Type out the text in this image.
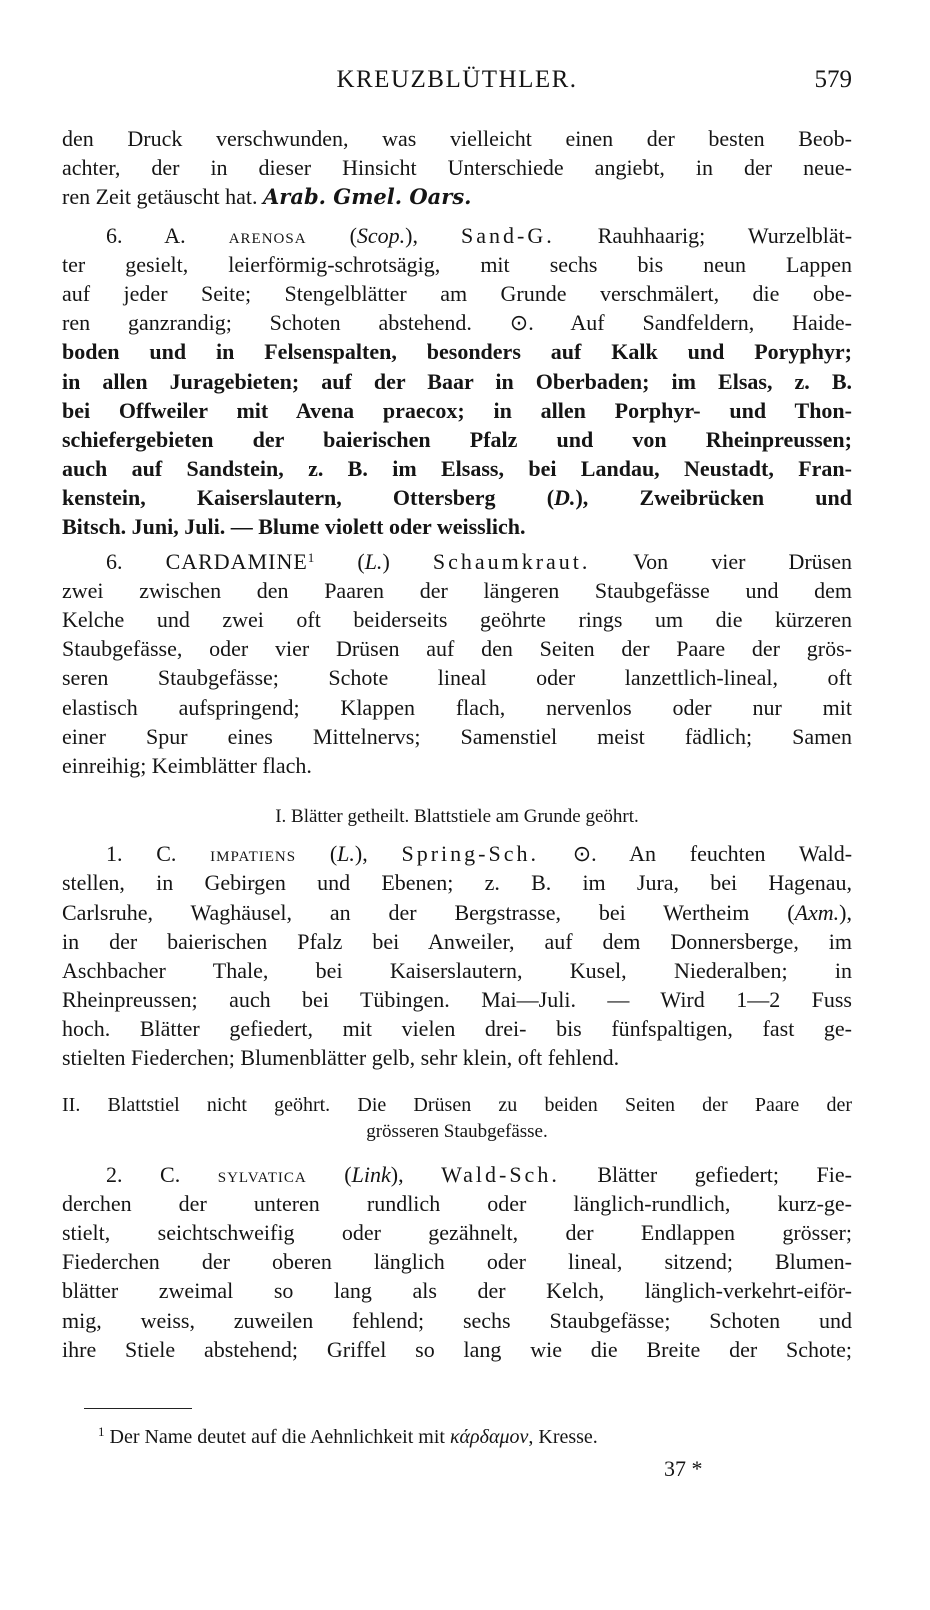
KREUZBLÜTHLER.	579
den Druck verschwunden, was vielleicht einen der besten Beob-
achter, der in dieser Hinsicht Unterschiede angiebt, in der neue-
ren Zeit getäuscht hat. Arab. Gmel. Oars.
6. A. arenosa (Scop.), Sand-G. Rauhhaarig; Wurzelblät-
ter gesielt, leierförmig-schrotsägig, mit sechs bis neun Lappen
auf jeder Seite; Stengelblätter am Grunde verschmälert, die obe-
ren ganzrandig; Schoten abstehend. ⊙. Auf Sandfeldern, Haide-
boden und in Felsenspalten, besonders auf Kalk und Poryphyr;
in allen Juragebieten; auf der Baar in Oberbaden; im Elsas, z. B.
bei Offweiler mit Avena praecox; in allen Porphyr- und Thon-
schiefergebieten der baierischen Pfalz und von Rheinpreussen;
auch auf Sandstein, z. B. im Elsass, bei Landau, Neustadt, Fran-
kenstein, Kaiserslautern, Ottersberg (D.), Zweibrücken und
Bitsch. Juni, Juli. — Blume violett oder weisslich.
6. CARDAMINE$^1$ (L.) Schaumkraut. Von vier Drüsen
zwei zwischen den Paaren der längeren Staubgefässe und dem
Kelche und zwei oft beiderseits geöhrte rings um die kürzeren
Staubgefässe, oder vier Drüsen auf den Seiten der Paare der grös-
seren Staubgefässe; Schote lineal oder lanzettlich-lineal, oft
elastisch aufspringend; Klappen flach, nervenlos oder nur mit
einer Spur eines Mittelnervs; Samenstiel meist fädlich; Samen
einreihig; Keimblätter flach.
I. Blätter getheilt. Blattstiele am Grunde geöhrt.
1. C. impatiens (L.), Spring-Sch. ⊙. An feuchten Wald-
stellen, in Gebirgen und Ebenen; z. B. im Jura, bei Hagenau,
Carlsruhe, Waghäusel, an der Bergstrasse, bei Wertheim (Axm.),
in der baierischen Pfalz bei Anweiler, auf dem Donnersberge, im
Aschbacher Thale, bei Kaiserslautern, Kusel, Niederalben; in
Rheinpreussen; auch bei Tübingen. Mai—Juli. — Wird 1—2 Fuss
hoch. Blätter gefiedert, mit vielen drei- bis fünfspaltigen, fast ge-
stielten Fiederchen; Blumenblätter gelb, sehr klein, oft fehlend.
II. Blattstiel nicht geöhrt. Die Drüsen zu beiden Seiten der Paare der
grösseren Staubgefässe.
2. C. sylvatica (Link), Wald-Sch. Blätter gefiedert; Fie-
derchen der unteren rundlich oder länglich-rundlich, kurz-ge-
stielt, seichtschweifig oder gezähnelt, der Endlappen grösser;
Fiederchen der oberen länglich oder lineal, sitzend; Blumen-
blätter zweimal so lang als der Kelch, länglich-verkehrt-eiför-
mig, weiss, zuweilen fehlend; sechs Staubgefässe; Schoten und
ihre Stiele abstehend; Griffel so lang wie die Breite der Schote;
$^1$ Der Name deutet auf die Aehnlichkeit mit κάρδαμον, Kresse.
37 *
